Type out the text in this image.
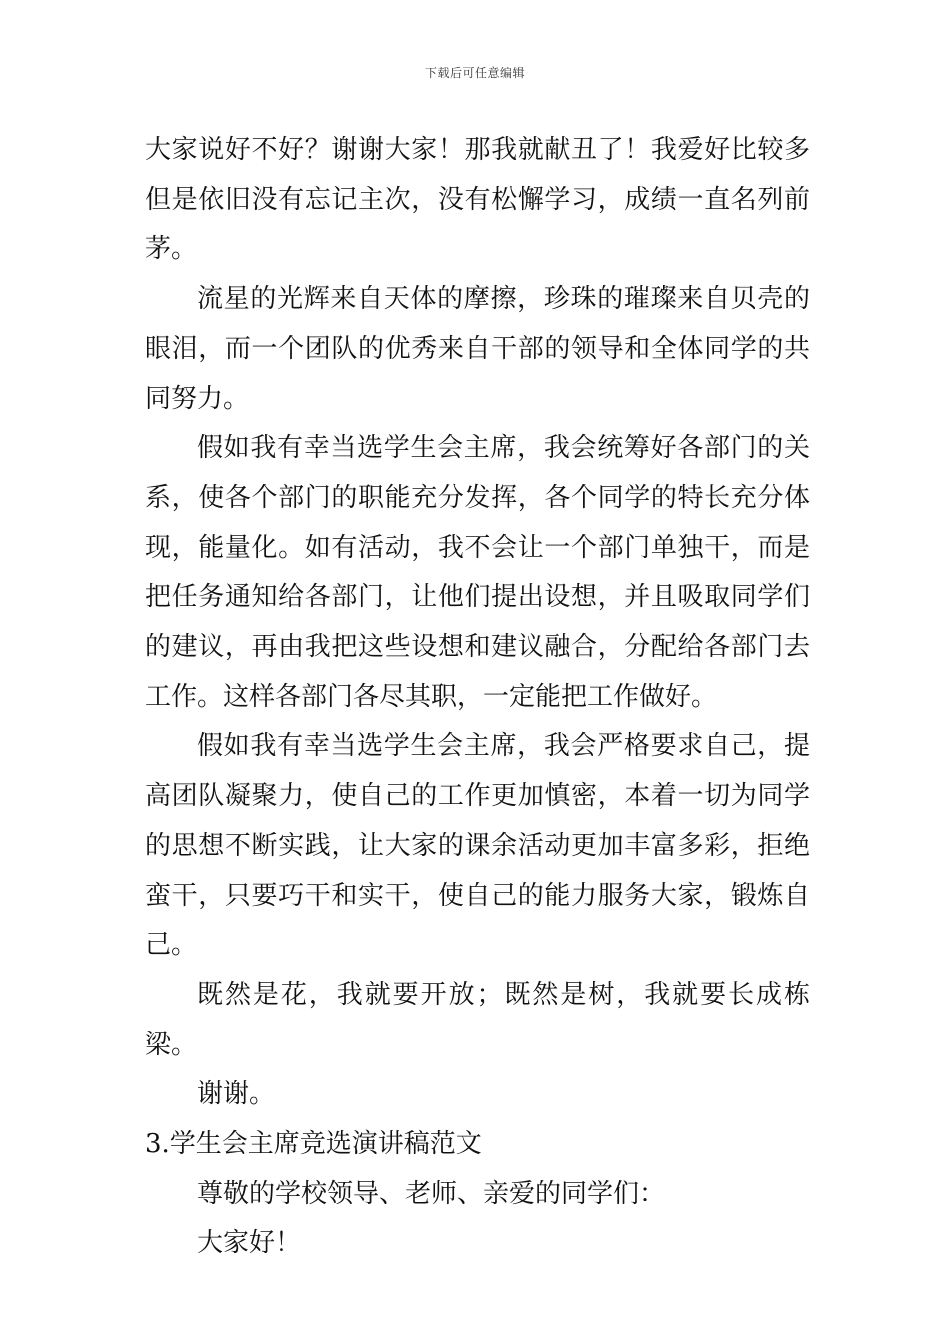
下载后可任意编辑

大家说好不好？谢谢大家！那我就献丑了！我爱好比较多但是依旧没有忘记主次，没有松懈学习，成绩一直名列前茅。

流星的光辉来自天体的摩擦，珍珠的璀璨来自贝壳的眼泪，而一个团队的优秀来自干部的领导和全体同学的共同努力。

假如我有幸当选学生会主席，我会统筹好各部门的关系，使各个部门的职能充分发挥，各个同学的特长充分体现，能量化。如有活动，我不会让一个部门单独干，而是把任务通知给各部门，让他们提出设想，并且吸取同学们的建议，再由我把这些设想和建议融合，分配给各部门去工作。这样各部门各尽其职，一定能把工作做好。

假如我有幸当选学生会主席，我会严格要求自己，提高团队凝聚力，使自己的工作更加慎密，本着一切为同学的思想不断实践，让大家的课余活动更加丰富多彩，拒绝蛮干，只要巧干和实干，使自己的能力服务大家，锻炼自己。

既然是花，我就要开放；既然是树，我就要长成栋梁。

谢谢。

3.学生会主席竞选演讲稿范文

尊敬的学校领导、老师、亲爱的同学们：

大家好！
